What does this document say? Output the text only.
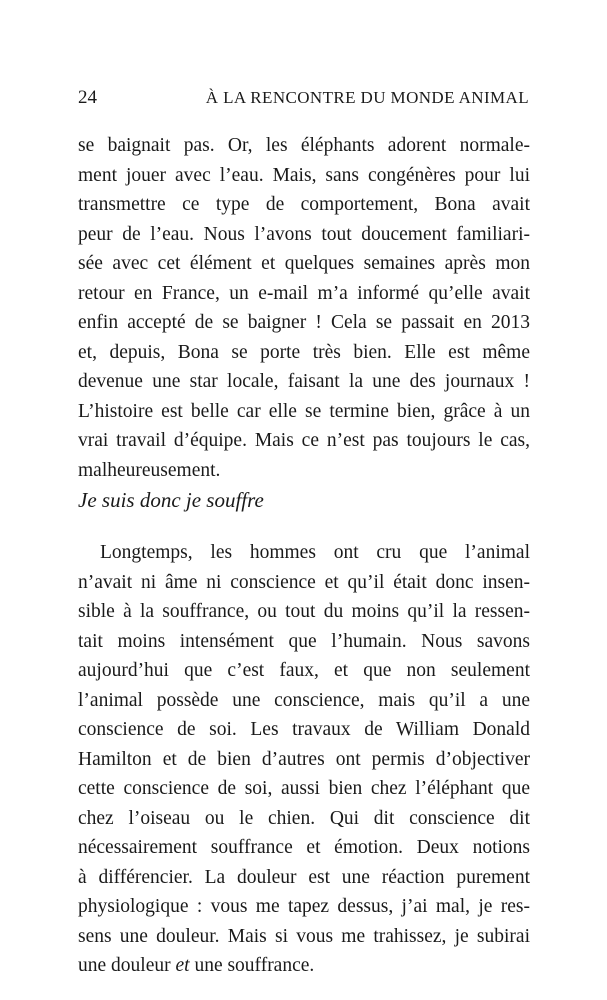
24	À LA RENCONTRE DU MONDE ANIMAL
se baignait pas. Or, les éléphants adorent normale-
ment jouer avec l’eau. Mais, sans congénères pour lui
transmettre ce type de comportement, Bona avait
peur de l’eau. Nous l’avons tout doucement familiari-
sée avec cet élément et quelques semaines après mon
retour en France, un e-mail m’a informé qu’elle avait
enfin accepté de se baigner ! Cela se passait en 2013
et, depuis, Bona se porte très bien. Elle est même
devenue une star locale, faisant la une des journaux !
L’histoire est belle car elle se termine bien, grâce à un
vrai travail d’équipe. Mais ce n’est pas toujours le cas,
malheureusement.
Je suis donc je souffre
Longtemps, les hommes ont cru que l’animal
n’avait ni âme ni conscience et qu’il était donc insen-
sible à la souffrance, ou tout du moins qu’il la ressen-
tait moins intensément que l’humain. Nous savons
aujourd’hui que c’est faux, et que non seulement
l’animal possède une conscience, mais qu’il a une
conscience de soi. Les travaux de William Donald
Hamilton et de bien d’autres ont permis d’objectiver
cette conscience de soi, aussi bien chez l’éléphant que
chez l’oiseau ou le chien. Qui dit conscience dit
nécessairement souffrance et émotion. Deux notions
à différencier. La douleur est une réaction purement
physiologique : vous me tapez dessus, j’ai mal, je res-
sens une douleur. Mais si vous me trahissez, je subirai
une douleur et une souffrance.
